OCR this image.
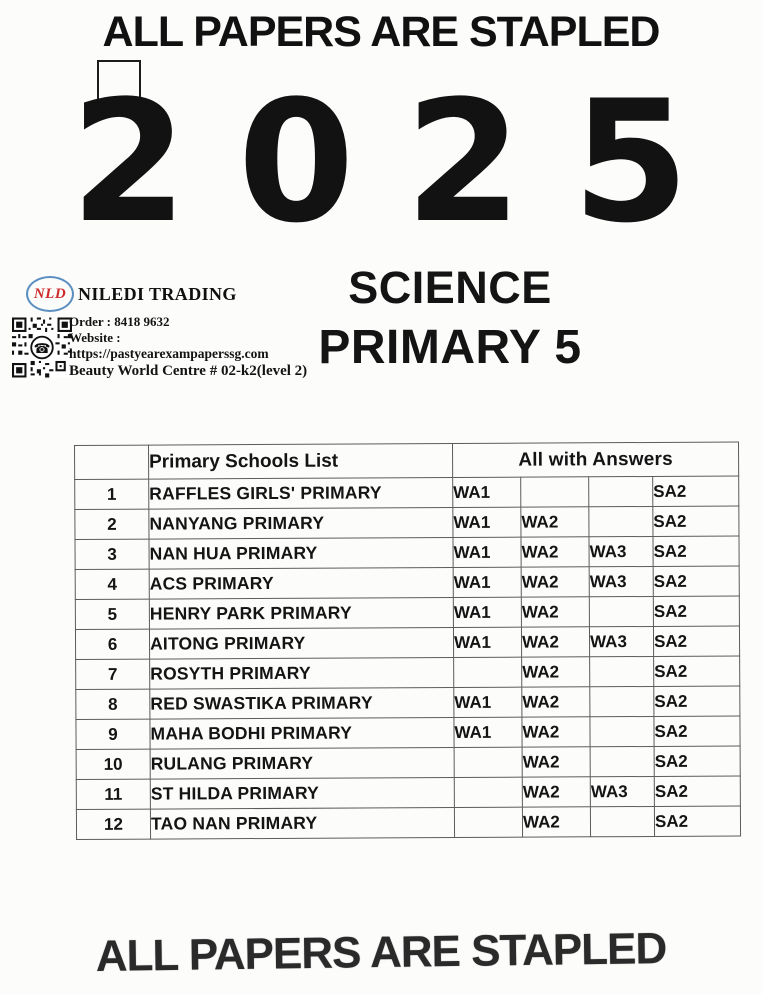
ALL PAPERS ARE STAPLED
2025
NLD NILEDI TRADING
☎
Order : 8418 9632
Website :
https://pastyearexampaperssg.com
Beauty World Centre # 02-k2(level 2)
SCIENCE
PRIMARY 5
	Primary Schools List	All with Answers			
1	RAFFLES GIRLS' PRIMARY	WA1			SA2
2	NANYANG PRIMARY	WA1	WA2		SA2
3	NAN HUA PRIMARY	WA1	WA2	WA3	SA2
4	ACS PRIMARY	WA1	WA2	WA3	SA2
5	HENRY PARK PRIMARY	WA1	WA2		SA2
6	AITONG PRIMARY	WA1	WA2	WA3	SA2
7	ROSYTH PRIMARY		WA2		SA2
8	RED SWASTIKA PRIMARY	WA1	WA2		SA2
9	MAHA BODHI PRIMARY	WA1	WA2		SA2
10	RULANG PRIMARY		WA2		SA2
11	ST HILDA PRIMARY		WA2	WA3	SA2
12	TAO NAN PRIMARY		WA2		SA2
ALL PAPERS ARE STAPLED
